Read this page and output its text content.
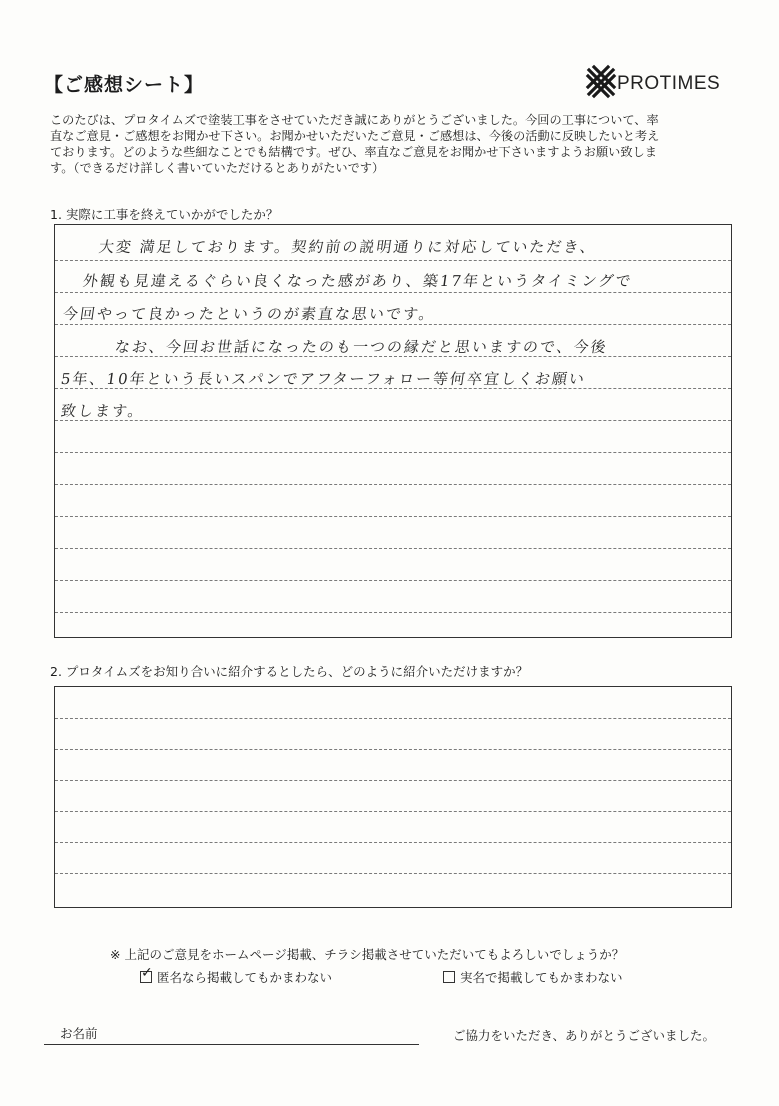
【ご感想シート】	PROTIMES
このたびは、プロタイムズで塗装工事をさせていただき誠にありがとうございました。今回の工事について、率
直なご意見・ご感想をお聞かせ下さい。お聞かせいただいたご意見・ご感想は、今後の活動に反映したいと考え
ております。どのような些細なことでも結構です。ぜひ、率直なご意見をお聞かせ下さいますようお願い致しま
す。（できるだけ詳しく書いていただけるとありがたいです）
1. 実際に工事を終えていかがでしたか？
大変 満足しております。契約前の説明通りに対応していただき、
外観も見違えるぐらい良くなった感があり、築17年というタイミングで
今回やって良かったというのが素直な思いです。
なお、今回お世話になったのも一つの縁だと思いますので、今後
5年、10年という長いスパンでアフターフォロー等何卒宜しくお願い
致します。
2. プロタイムズをお知り合いに紹介するとしたら、どのように紹介いただけますか？
※ 上記のご意見をホームページ掲載、チラシ掲載させていただいてもよろしいでしょうか？
✓ 匿名なら掲載してもかまわない	実名で掲載してもかまわない
お名前	ご協力をいただき、ありがとうございました。
